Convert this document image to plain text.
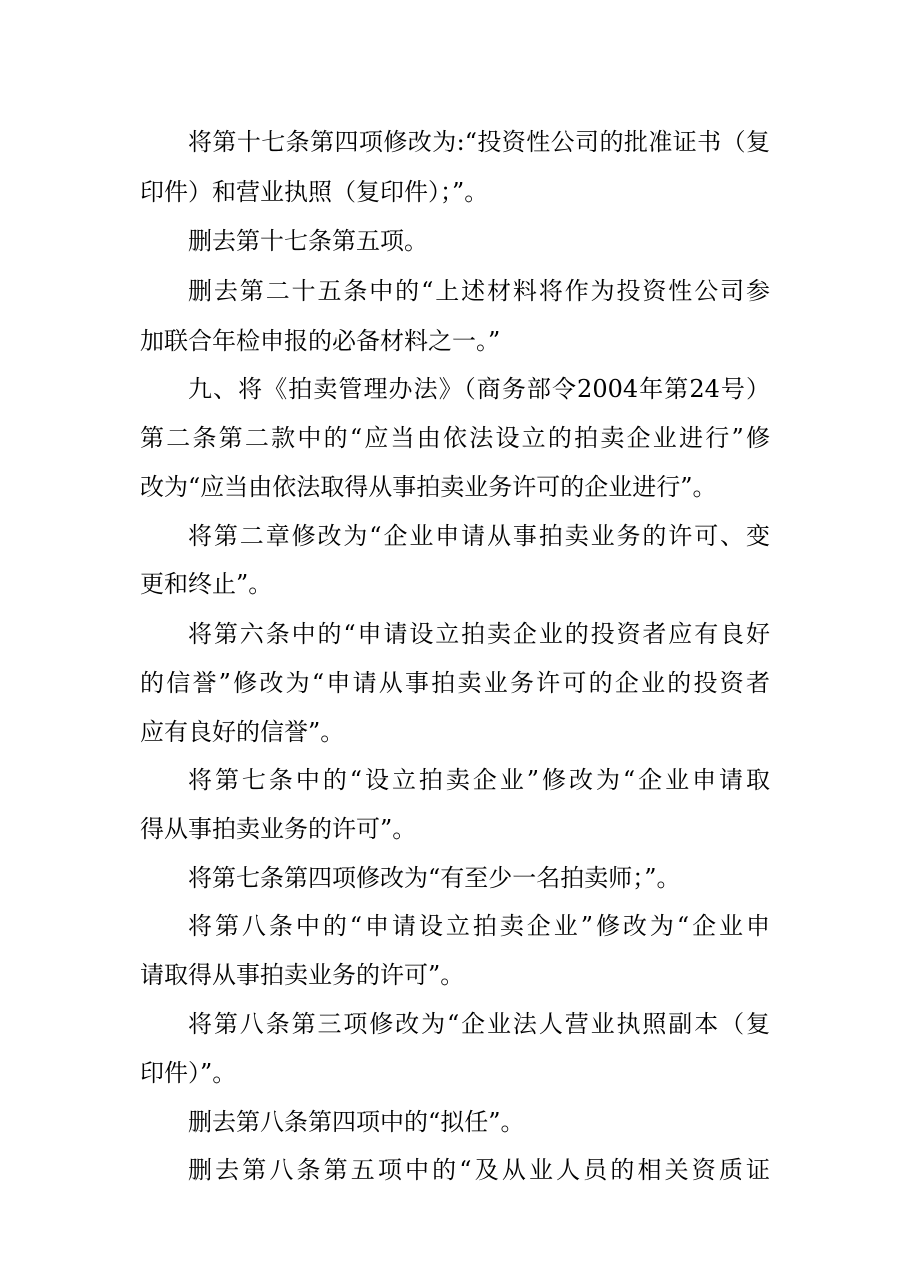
将第十七条第四项修改为:“投资性公司的批准证书（复
印件）和营业执照（复印件）；”。
删去第十七条第五项。
删去第二十五条中的“上述材料将作为投资性公司参
加联合年检申报的必备材料之一。”
九、将《拍卖管理办法》（商务部令2004年第24号）
第二条第二款中的“应当由依法设立的拍卖企业进行”修
改为“应当由依法取得从事拍卖业务许可的企业进行”。
将第二章修改为“企业申请从事拍卖业务的许可、变
更和终止”。
将第六条中的“申请设立拍卖企业的投资者应有良好
的信誉”修改为“申请从事拍卖业务许可的企业的投资者
应有良好的信誉”。
将第七条中的“设立拍卖企业”修改为“企业申请取
得从事拍卖业务的许可”。
将第七条第四项修改为“有至少一名拍卖师；”。
将第八条中的“申请设立拍卖企业”修改为“企业申
请取得从事拍卖业务的许可”。
将第八条第三项修改为“企业法人营业执照副本（复
印件）”。
删去第八条第四项中的“拟任”。
删去第八条第五项中的“及从业人员的相关资质证
